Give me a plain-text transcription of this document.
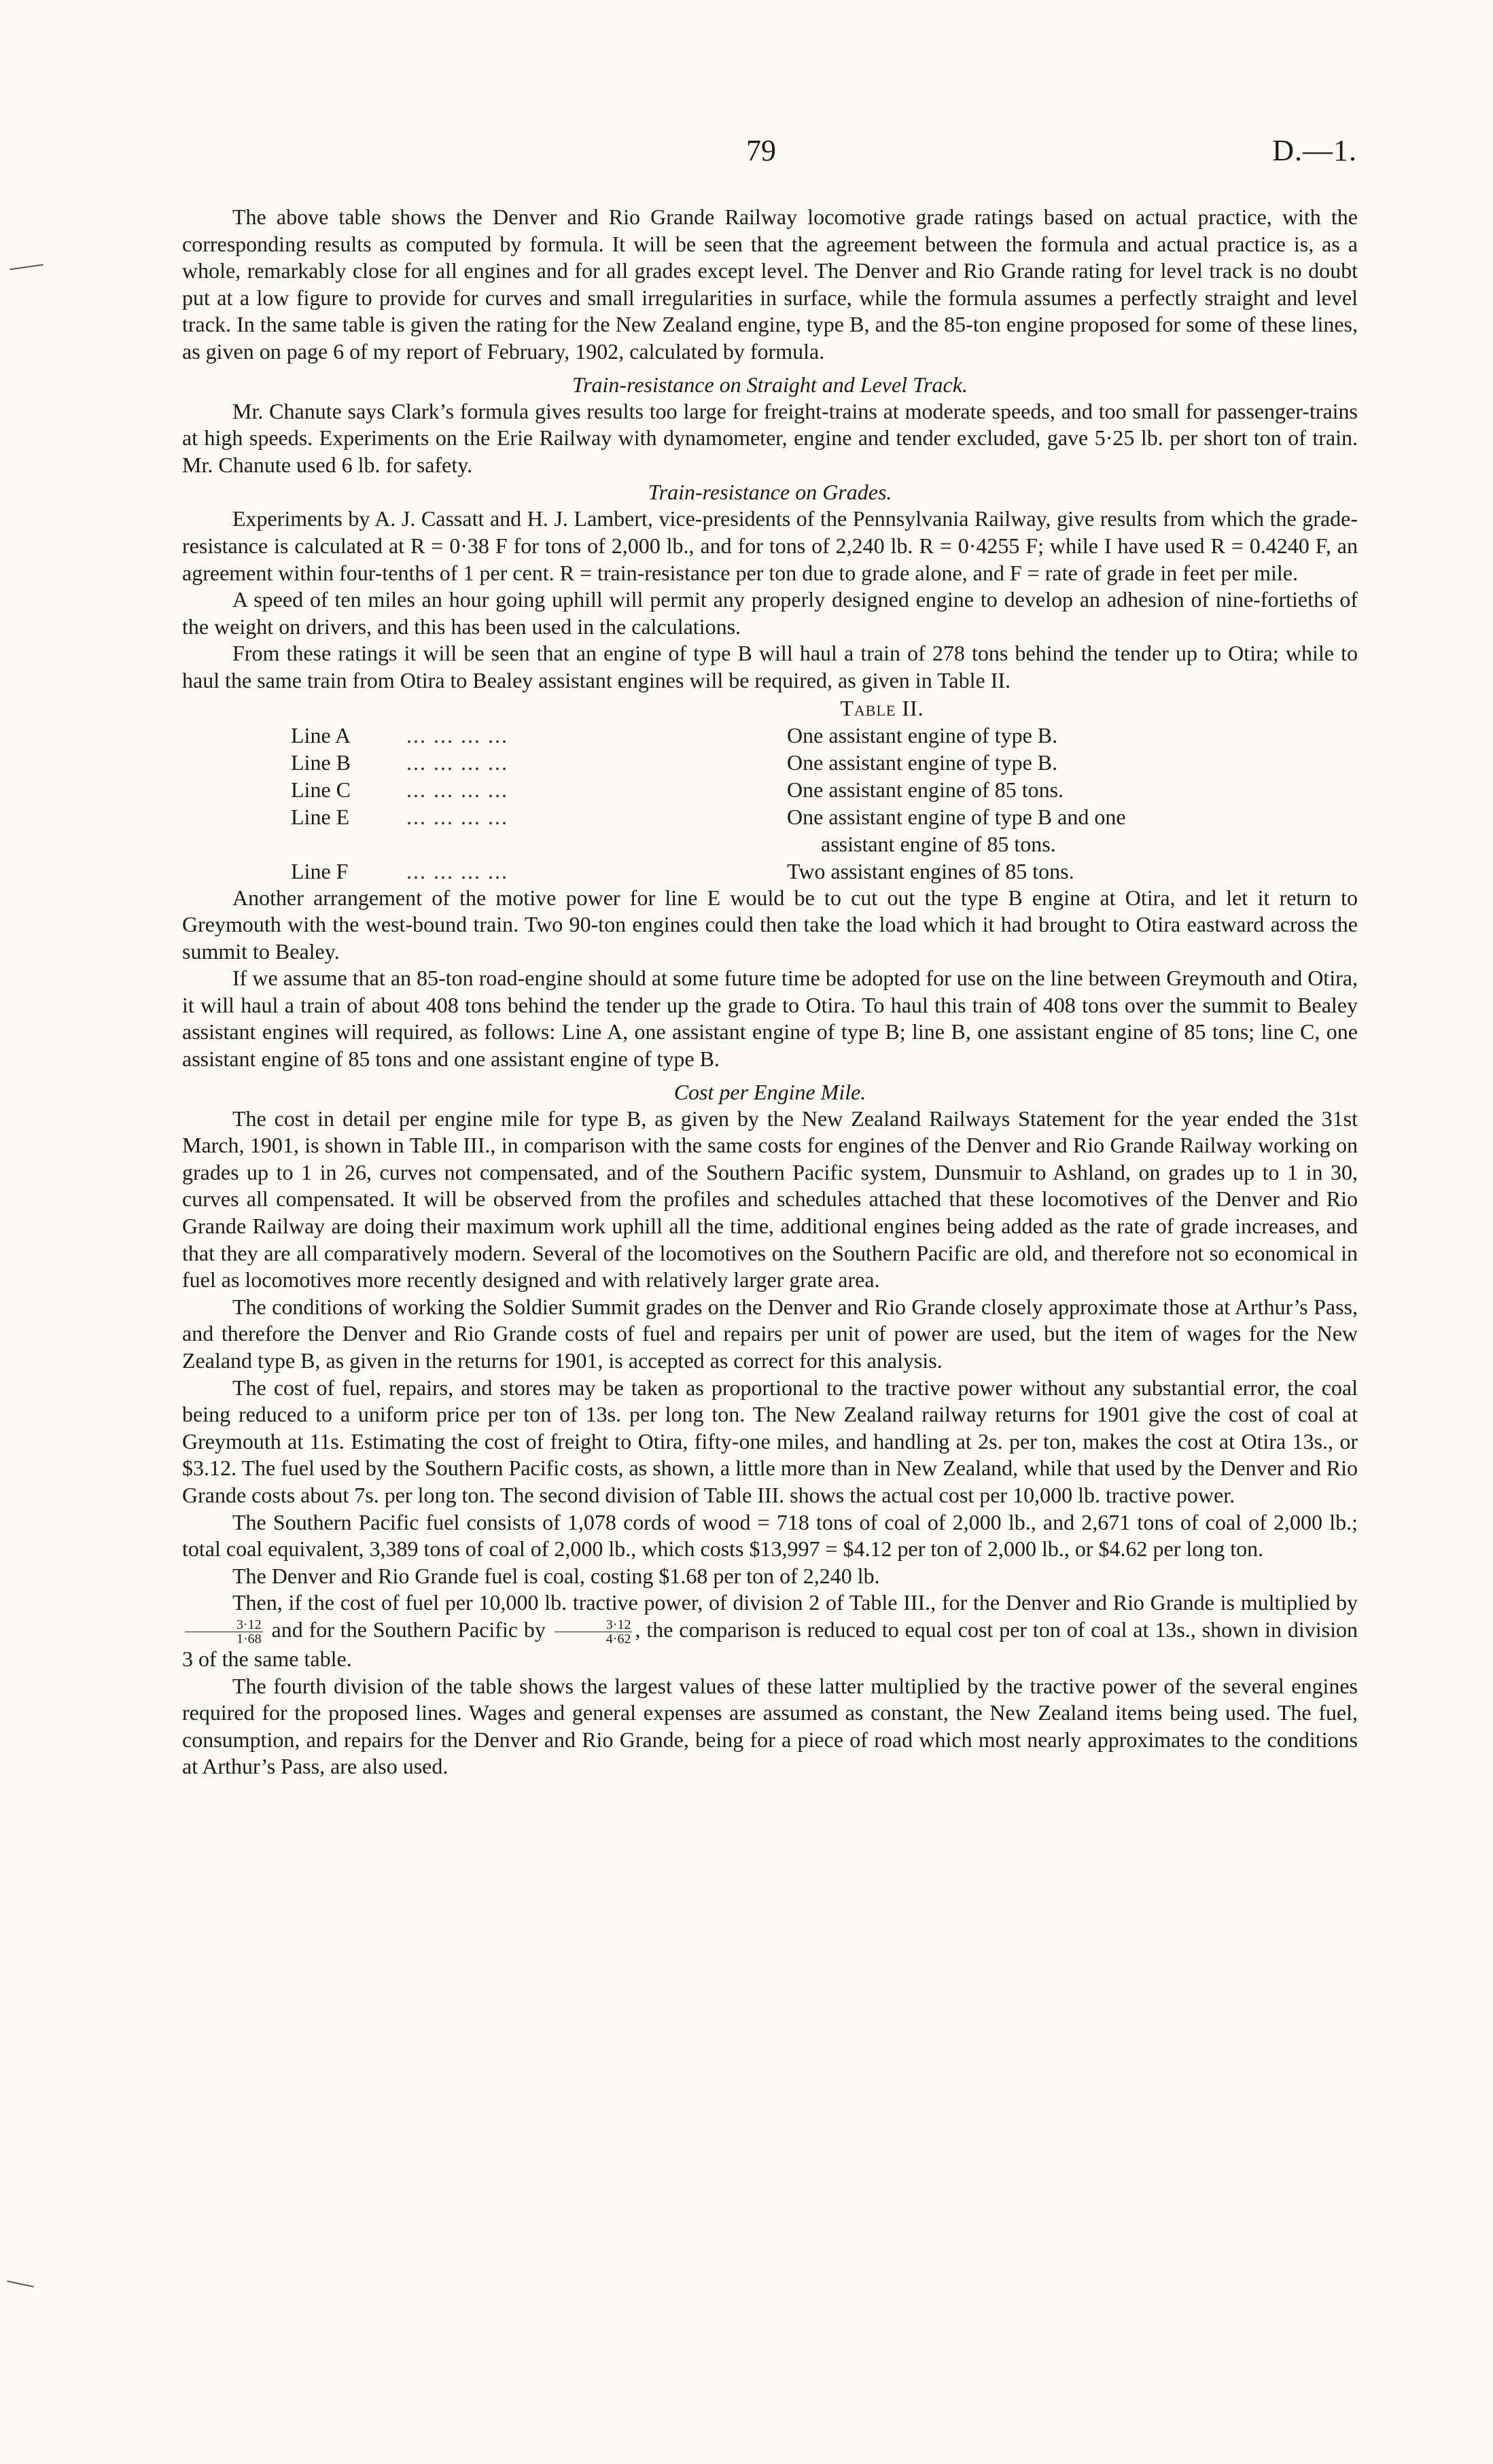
79	D.—1.

The above table shows the Denver and Rio Grande Railway locomotive grade ratings based on actual practice, with the corresponding results as computed by formula. It will be seen that the agreement between the formula and actual practice is, as a whole, remarkably close for all engines and for all grades except level. The Denver and Rio Grande rating for level track is no doubt put at a low figure to provide for curves and small irregularities in surface, while the formula assumes a perfectly straight and level track. In the same table is given the rating for the New Zealand engine, type B, and the 85-ton engine proposed for some of these lines, as given on page 6 of my report of February, 1902, calculated by formula.

Train-resistance on Straight and Level Track.

Mr. Chanute says Clark’s formula gives results too large for freight-trains at moderate speeds, and too small for passenger-trains at high speeds. Experiments on the Erie Railway with dynamometer, engine and tender excluded, gave 5·25 lb. per short ton of train. Mr. Chanute used 6 lb. for safety.

Train-resistance on Grades.

Experiments by A. J. Cassatt and H. J. Lambert, vice-presidents of the Pennsylvania Railway, give results from which the grade-resistance is calculated at R = 0·38 F for tons of 2,000 lb., and for tons of 2,240 lb. R = 0·4255 F; while I have used R = 0.4240 F, an agreement within four-tenths of 1 per cent. R = train-resistance per ton due to grade alone, and F = rate of grade in feet per mile.

A speed of ten miles an hour going uphill will permit any properly designed engine to develop an adhesion of nine-fortieths of the weight on drivers, and this has been used in the calculations.

From these ratings it will be seen that an engine of type B will haul a train of 278 tons behind the tender up to Otira; while to haul the same train from Otira to Bealey assistant engines will be required, as given in Table II.

Table II.
Line A	... ... ... ...	One assistant engine of type B.
Line B	... ... ... ...	One assistant engine of type B.
Line C	... ... ... ...	One assistant engine of 85 tons.
Line E	... ... ... ...	One assistant engine of type B and one
		assistant engine of 85 tons.
Line F	... ... ... ...	Two assistant engines of 85 tons.

Another arrangement of the motive power for line E would be to cut out the type B engine at Otira, and let it return to Greymouth with the west-bound train. Two 90-ton engines could then take the load which it had brought to Otira eastward across the summit to Bealey.

If we assume that an 85-ton road-engine should at some future time be adopted for use on the line between Greymouth and Otira, it will haul a train of about 408 tons behind the tender up the grade to Otira. To haul this train of 408 tons over the summit to Bealey assistant engines will required, as follows: Line A, one assistant engine of type B; line B, one assistant engine of 85 tons; line C, one assistant engine of 85 tons and one assistant engine of type B.

Cost per Engine Mile.

The cost in detail per engine mile for type B, as given by the New Zealand Railways Statement for the year ended the 31st March, 1901, is shown in Table III., in comparison with the same costs for engines of the Denver and Rio Grande Railway working on grades up to 1 in 26, curves not compensated, and of the Southern Pacific system, Dunsmuir to Ashland, on grades up to 1 in 30, curves all compensated. It will be observed from the profiles and schedules attached that these locomotives of the Denver and Rio Grande Railway are doing their maximum work uphill all the time, additional engines being added as the rate of grade increases, and that they are all comparatively modern. Several of the locomotives on the Southern Pacific are old, and therefore not so economical in fuel as locomotives more recently designed and with relatively larger grate area.

The conditions of working the Soldier Summit grades on the Denver and Rio Grande closely approximate those at Arthur’s Pass, and therefore the Denver and Rio Grande costs of fuel and repairs per unit of power are used, but the item of wages for the New Zealand type B, as given in the returns for 1901, is accepted as correct for this analysis.

The cost of fuel, repairs, and stores may be taken as proportional to the tractive power without any substantial error, the coal being reduced to a uniform price per ton of 13s. per long ton. The New Zealand railway returns for 1901 give the cost of coal at Greymouth at 11s. Estimating the cost of freight to Otira, fifty-one miles, and handling at 2s. per ton, makes the cost at Otira 13s., or $3.12. The fuel used by the Southern Pacific costs, as shown, a little more than in New Zealand, while that used by the Denver and Rio Grande costs about 7s. per long ton. The second division of Table III. shows the actual cost per 10,000 lb. tractive power.

The Southern Pacific fuel consists of 1,078 cords of wood = 718 tons of coal of 2,000 lb., and 2,671 tons of coal of 2,000 lb.; total coal equivalent, 3,389 tons of coal of 2,000 lb., which costs $13,997 = $4.12 per ton of 2,000 lb., or $4.62 per long ton.

The Denver and Rio Grande fuel is coal, costing $1.68 per ton of 2,240 lb.

Then, if the cost of fuel per 10,000 lb. tractive power, of division 2 of Table III., for the Denver and Rio Grande is multiplied by
$\frac{3\cdot 12}{1\cdot 68}$ and for the Southern Pacific by $\frac{3\cdot 12}{4\cdot 62}$ , the comparison is reduced to equal cost per ton of coal at 13s., shown in division 3 of the same table.

The fourth division of the table shows the largest values of these latter multiplied by the tractive power of the several engines required for the proposed lines. Wages and general expenses are assumed as constant, the New Zealand items being used. The fuel, consumption, and repairs for the Denver and Rio Grande, being for a piece of road which most nearly approximates to the conditions at Arthur’s Pass, are also used.
